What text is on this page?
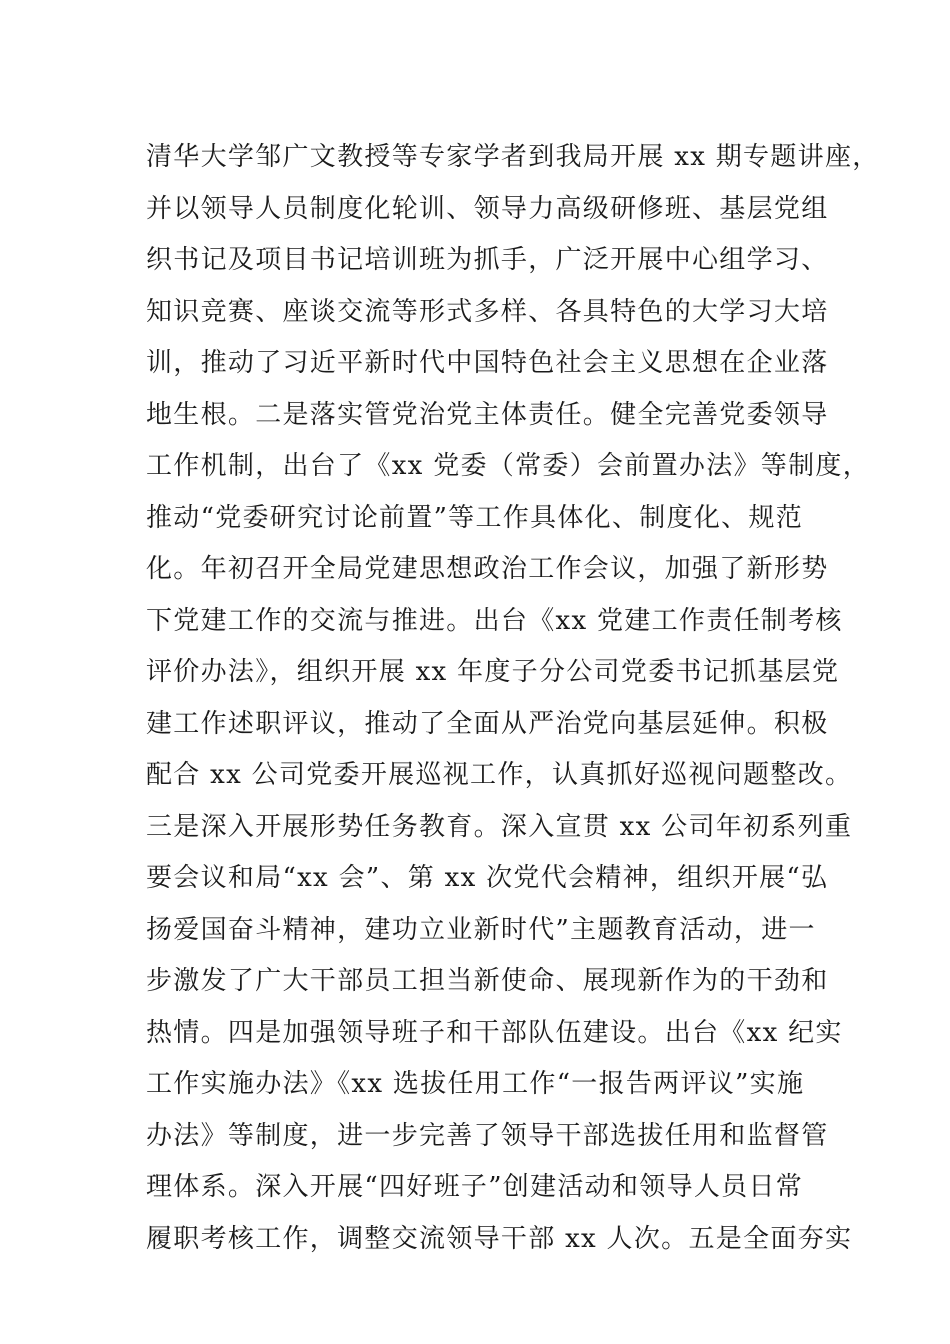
清华大学邹广文教授等专家学者到我局开展 xx 期专题讲座，
并以领导人员制度化轮训、领导力高级研修班、基层党组
织书记及项目书记培训班为抓手，广泛开展中心组学习、
知识竞赛、座谈交流等形式多样、各具特色的大学习大培
训，推动了习近平新时代中国特色社会主义思想在企业落
地生根。二是落实管党治党主体责任。健全完善党委领导
工作机制，出台了《xx 党委（常委）会前置办法》等制度，
推动“党委研究讨论前置”等工作具体化、制度化、规范
化。年初召开全局党建思想政治工作会议，加强了新形势
下党建工作的交流与推进。出台《xx 党建工作责任制考核
评价办法》，组织开展 xx 年度子分公司党委书记抓基层党
建工作述职评议，推动了全面从严治党向基层延伸。积极
配合 xx 公司党委开展巡视工作，认真抓好巡视问题整改。
三是深入开展形势任务教育。深入宣贯 xx 公司年初系列重
要会议和局“xx 会”、第 xx 次党代会精神，组织开展“弘
扬爱国奋斗精神，建功立业新时代”主题教育活动，进一
步激发了广大干部员工担当新使命、展现新作为的干劲和
热情。四是加强领导班子和干部队伍建设。出台《xx 纪实
工作实施办法》《xx 选拔任用工作“一报告两评议”实施
办法》等制度，进一步完善了领导干部选拔任用和监督管
理体系。深入开展“四好班子”创建活动和领导人员日常
履职考核工作，调整交流领导干部 xx 人次。五是全面夯实
